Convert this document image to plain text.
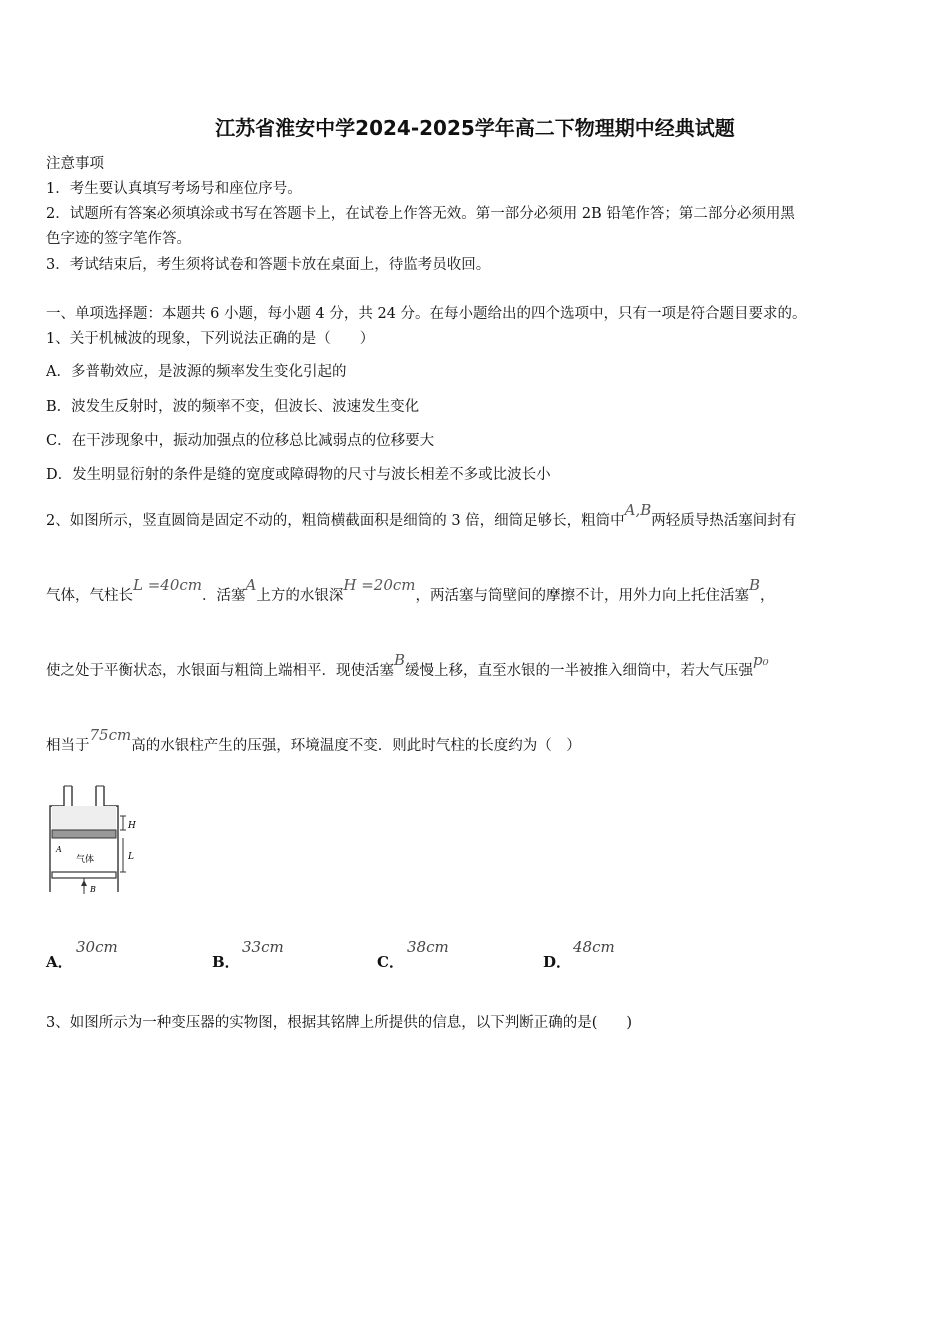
江苏省淮安中学2024-2025学年高二下物理期中经典试题
注意事项
1．考生要认真填写考场号和座位序号。
2．试题所有答案必须填涂或书写在答题卡上，在试卷上作答无效。第一部分必须用 2B 铅笔作答；第二部分必须用黑
色字迹的签字笔作答。
3．考试结束后，考生须将试卷和答题卡放在桌面上，待监考员收回。
一、单项选择题：本题共 6 小题，每小题 4 分，共 24 分。在每小题给出的四个选项中，只有一项是符合题目要求的。
1、关于机械波的现象，下列说法正确的是（　　）
A．多普勒效应，是波源的频率发生变化引起的
B．波发生反射时，波的频率不变，但波长、波速发生变化
C．在干涉现象中，振动加强点的位移总比减弱点的位移要大
D．发生明显衍射的条件是缝的宽度或障碍物的尺寸与波长相差不多或比波长小
2、如图所示，竖直圆筒是固定不动的，粗筒横截面积是细筒的 3 倍，细筒足够长，粗筒中A,B两轻质导热活塞间封有
气体，气柱长L =40cm．活塞A上方的水银深H =20cm，两活塞与筒壁间的摩擦不计，用外力向上托住活塞B，
使之处于平衡状态，水银面与粗筒上端相平．现使活塞B缓慢上移，直至水银的一半被推入细筒中，若大气压强p₀
相当于75cm高的水银柱产生的压强，环境温度不变．则此时气柱的长度约为（　）
H
L
A
气体
B
A．
30cm
B．
33cm
C．
38cm
D．
48cm
3、如图所示为一种变压器的实物图，根据其铭牌上所提供的信息，以下判断正确的是(　　)
